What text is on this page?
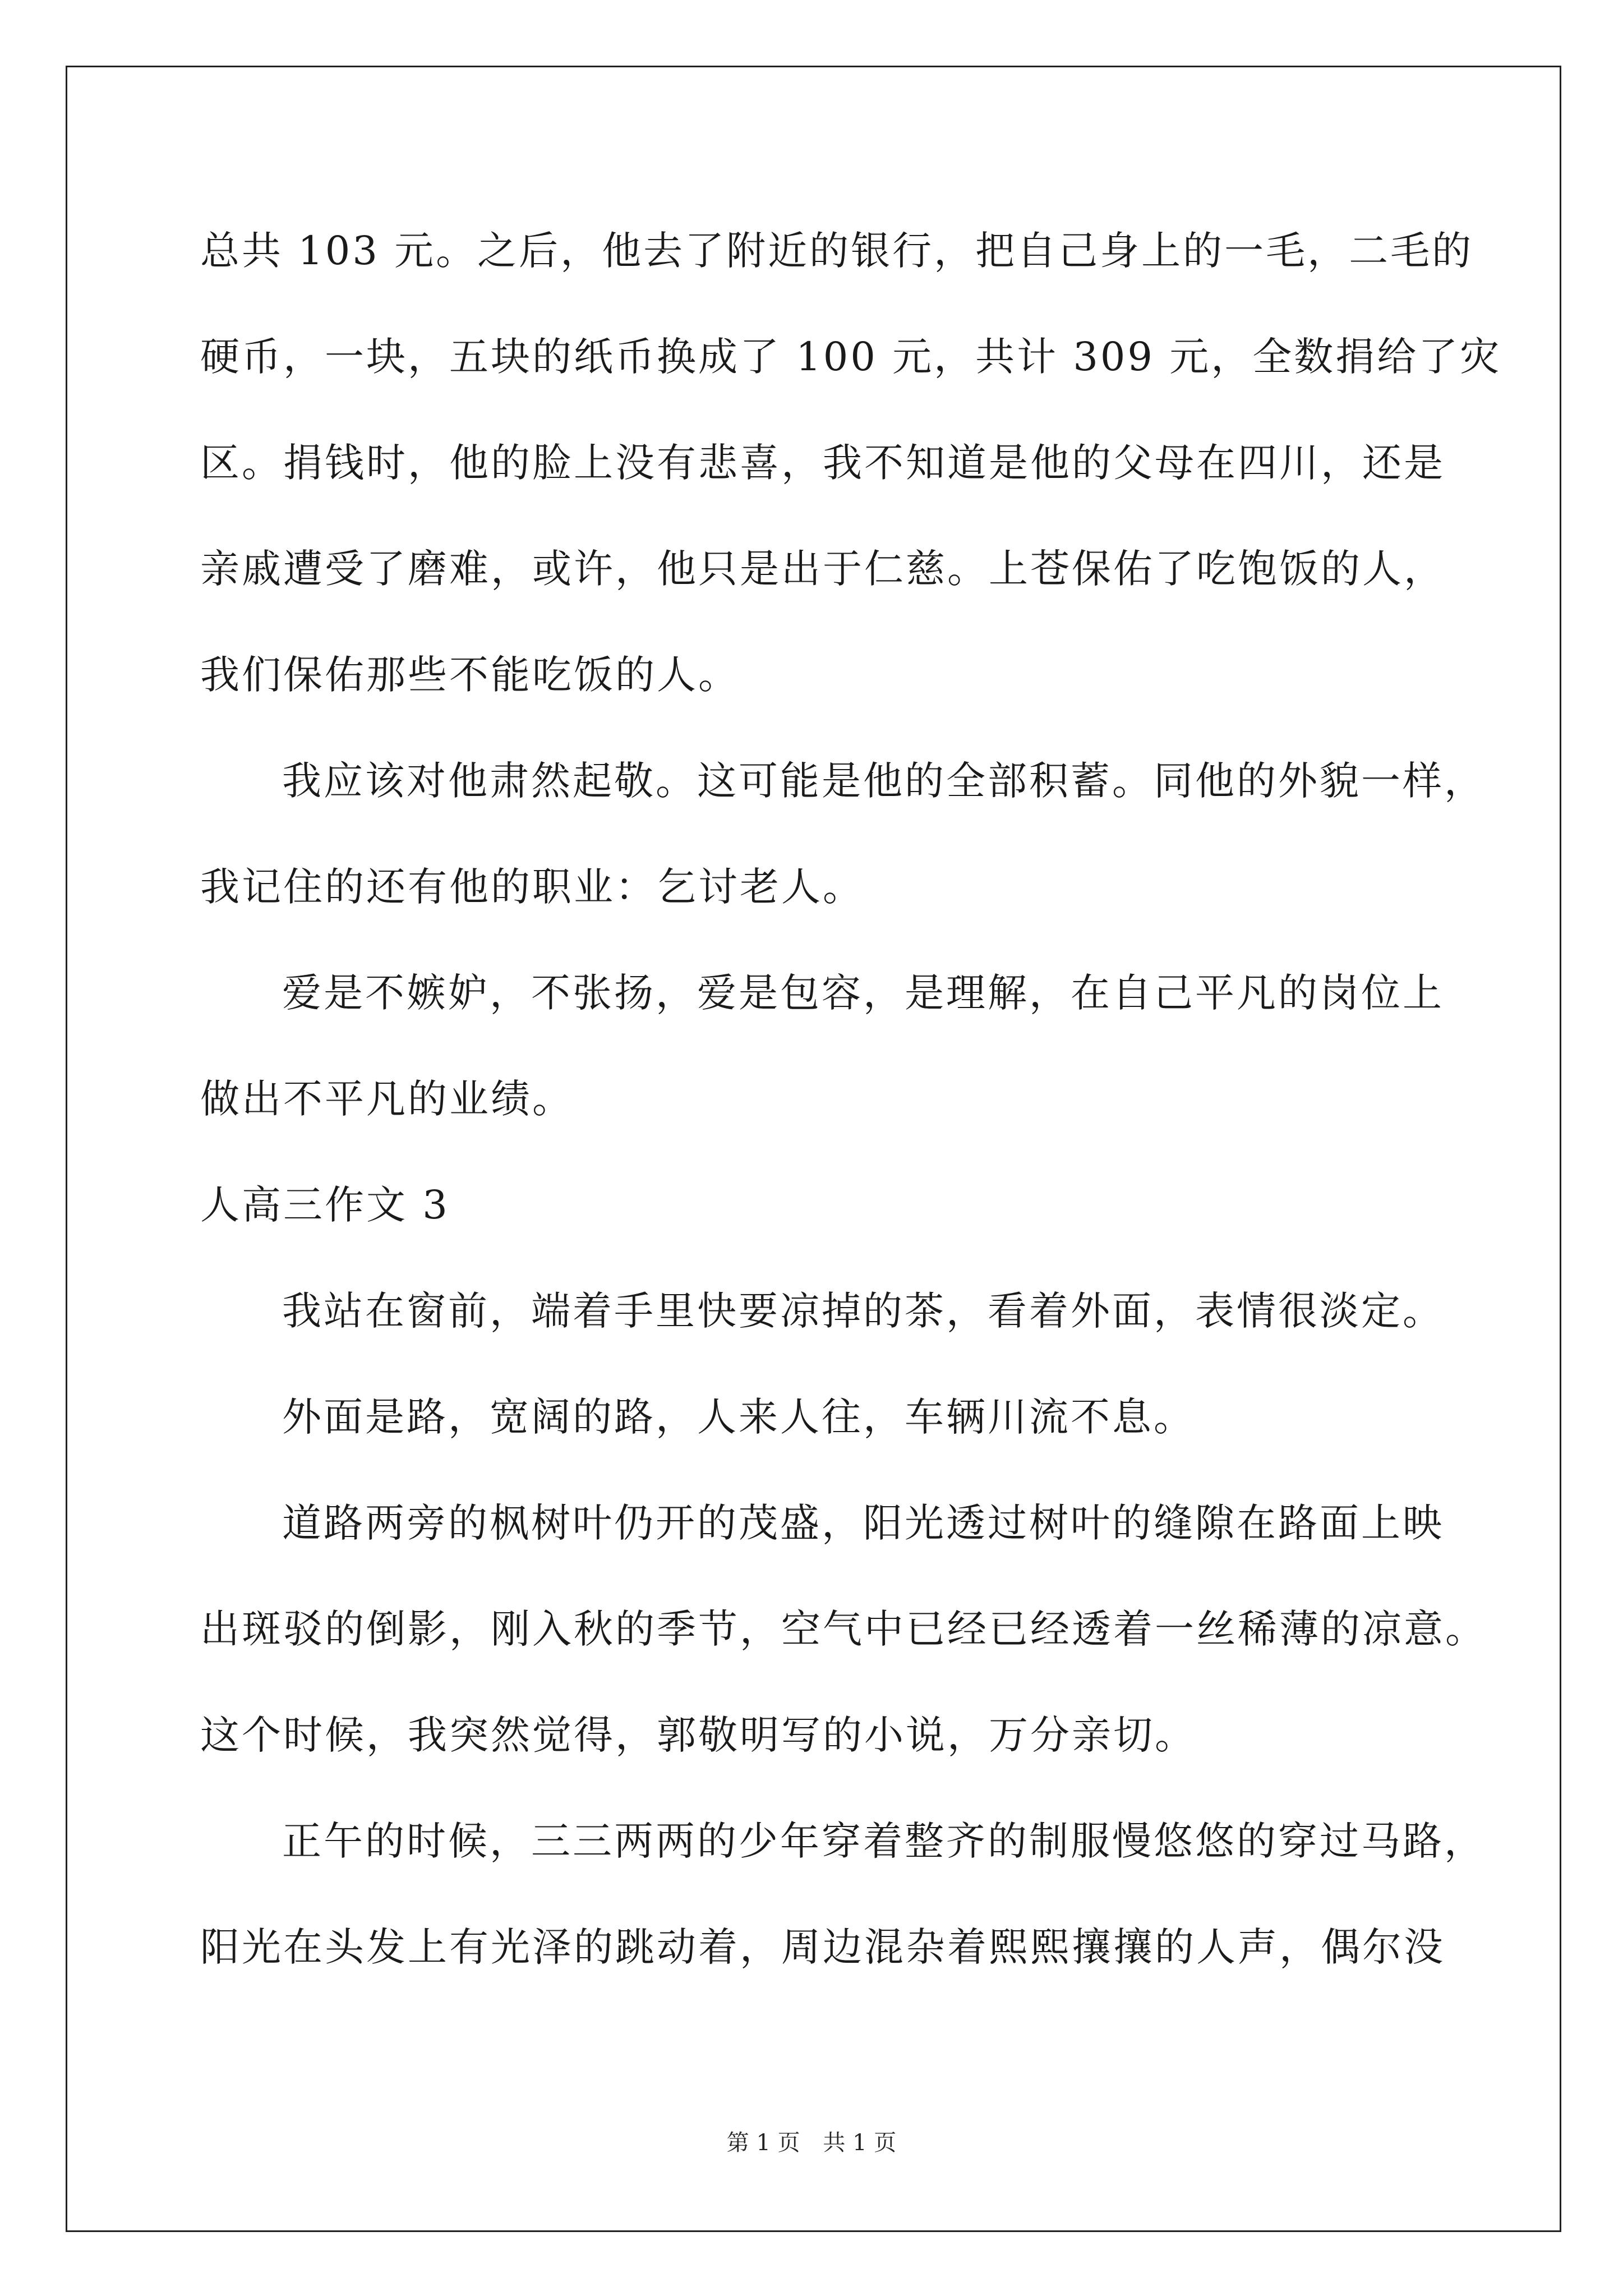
总共 103 元。之后，他去了附近的银行，把自己身上的一毛，二毛的
硬币，一块，五块的纸币换成了 100 元，共计 309 元，全数捐给了灾
区。捐钱时，他的脸上没有悲喜，我不知道是他的父母在四川，还是
亲戚遭受了磨难，或许，他只是出于仁慈。上苍保佑了吃饱饭的人，
我们保佑那些不能吃饭的人。
我应该对他肃然起敬。这可能是他的全部积蓄。同他的外貌一样，
我记住的还有他的职业：乞讨老人。
爱是不嫉妒，不张扬，爱是包容，是理解，在自己平凡的岗位上
做出不平凡的业绩。
人高三作文 3
我站在窗前，端着手里快要凉掉的茶，看着外面，表情很淡定。
外面是路，宽阔的路，人来人往，车辆川流不息。
道路两旁的枫树叶仍开的茂盛，阳光透过树叶的缝隙在路面上映
出斑驳的倒影，刚入秋的季节，空气中已经已经透着一丝稀薄的凉意。
这个时候，我突然觉得，郭敬明写的小说，万分亲切。
正午的时候，三三两两的少年穿着整齐的制服慢悠悠的穿过马路，
阳光在头发上有光泽的跳动着，周边混杂着熙熙攘攘的人声，偶尔没
第 1 页 共 1 页
